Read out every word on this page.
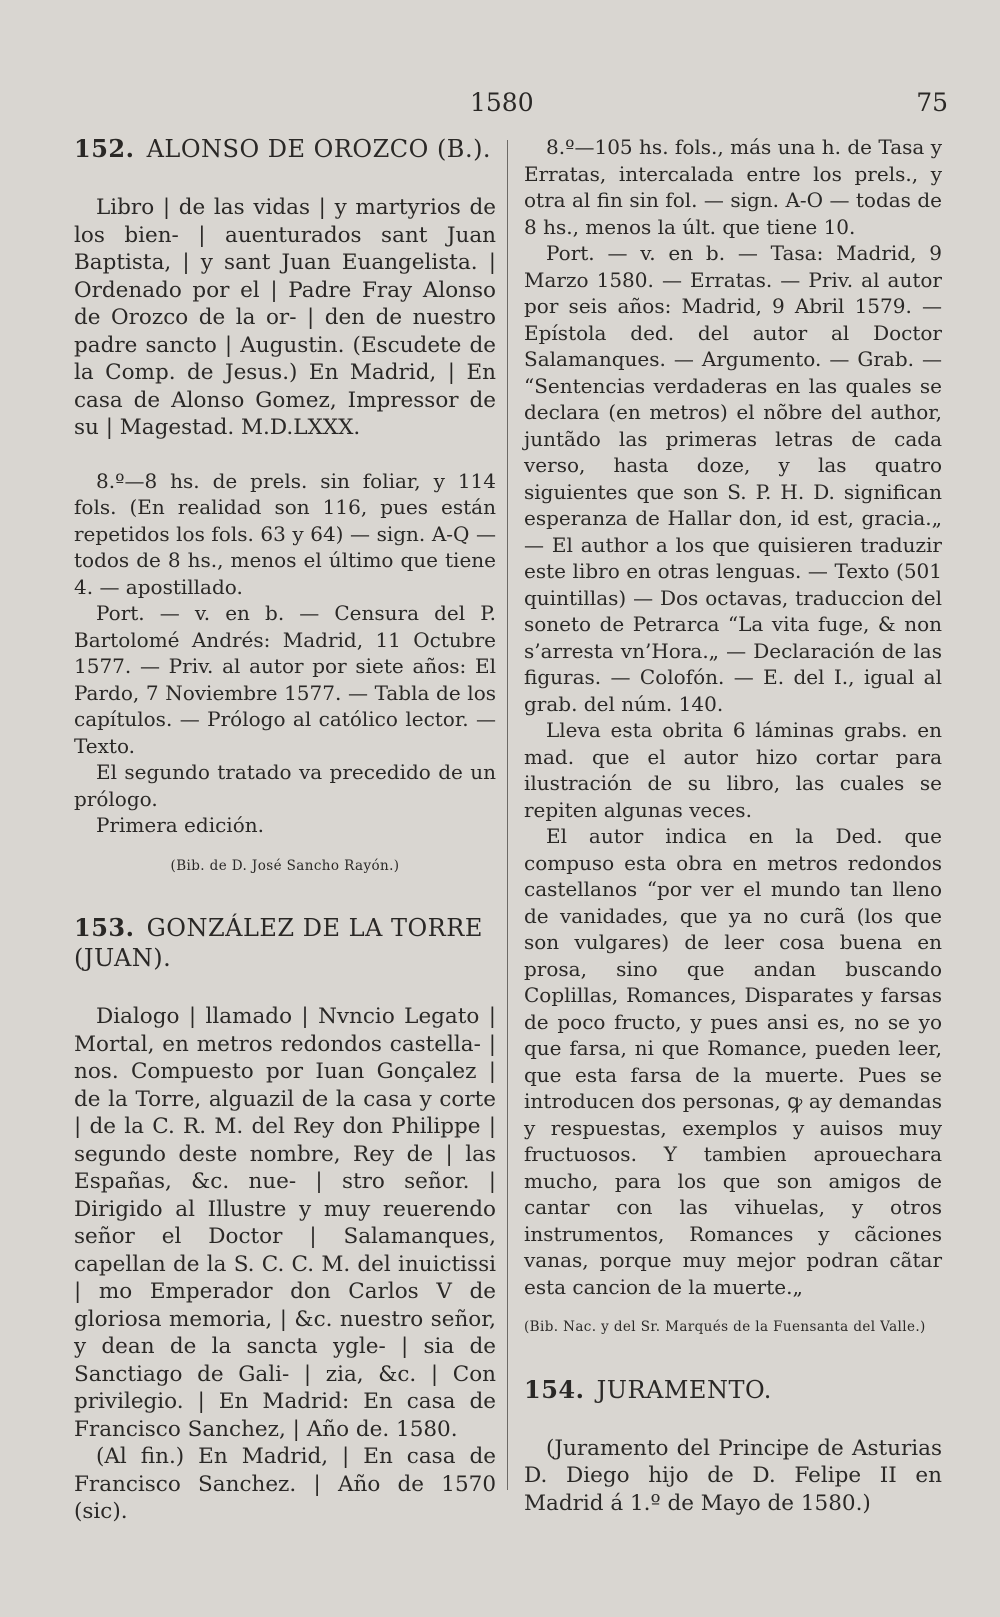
1580	75
152. ALONSO DE OROZCO (B.).

Libro | de las vidas | y martyrios de los bien- | auenturados sant Juan Baptista, | y sant Juan Euangelista. | Ordenado por el | Padre Fray Alonso de Orozco de la or- | den de nuestro padre sancto | Augustin. (Escudete de la Comp. de Jesus.) En Madrid, | En casa de Alonso Gomez, Impressor de su | Magestad. M.D.LXXX.

8.º—8 hs. de prels. sin foliar, y 114 fols. (En realidad son 116, pues están repetidos los fols. 63 y 64) — sign. A-Q — todos de 8 hs., menos el último que tiene 4. — apostillado.

Port. — v. en b. — Censura del P. Bartolomé Andrés: Madrid, 11 Octubre 1577. — Priv. al autor por siete años: El Pardo, 7 Noviembre 1577. — Tabla de los capítulos. — Prólogo al católico lector. — Texto.

El segundo tratado va precedido de un prólogo.

Primera edición.

(Bib. de D. José Sancho Rayón.)

153. GONZÁLEZ DE LA TORRE (JUAN).

Dialogo | llamado | Nvncio Legato | Mortal, en metros redondos castella- | nos. Compuesto por Iuan Gonçalez | de la Torre, alguazil de la casa y corte | de la C. R. M. del Rey don Philippe | segundo deste nombre, Rey de | las Españas, &c. nue- | stro señor. | Dirigido al Illustre y muy reuerendo señor el Doctor | Salamanques, capellan de la S. C. C. M. del inuictissi | mo Emperador don Carlos V de gloriosa memoria, | &c. nuestro señor, y dean de la sancta ygle- | sia de Sanctiago de Gali- | zia, &c. | Con privilegio. | En Madrid: En casa de Francisco Sanchez, | Año de. 1580.

(Al fin.) En Madrid, | En casa de Francisco Sanchez. | Año de 1570 (sic).

8.º—105 hs. fols., más una h. de Tasa y Erratas, intercalada entre los prels., y otra al fin sin fol. — sign. A-O — todas de 8 hs., menos la últ. que tiene 10.

Port. — v. en b. — Tasa: Madrid, 9 Marzo 1580. — Erratas. — Priv. al autor por seis años: Madrid, 9 Abril 1579. — Epístola ded. del autor al Doctor Salamanques. — Argumento. — Grab. — “Sentencias verdaderas en las quales se declara (en metros) el nõbre del author, juntãdo las primeras letras de cada verso, hasta doze, y las quatro siguientes que son S. P. H. D. significan esperanza de Hallar don, id est, gracia.„ — El author a los que quisieren traduzir este libro en otras lenguas. — Texto (501 quintillas) — Dos octavas, traduccion del soneto de Petrarca “La vita fuge, & non s’arresta vn’Hora.„ — Declaración de las figuras. — Colofón. — E. del I., igual al grab. del núm. 140.

Lleva esta obrita 6 láminas grabs. en mad. que el autor hizo cortar para ilustración de su libro, las cuales se repiten algunas veces.

El autor indica en la Ded. que compuso esta obra en metros redondos castellanos “por ver el mundo tan lleno de vanidades, que ya no curã (los que son vulgares) de leer cosa buena en prosa, sino que andan buscando Coplillas, Romances, Disparates y farsas de poco fructo, y pues ansi es, no se yo que farsa, ni que Romance, pueden leer, que esta farsa de la muerte. Pues se introducen dos personas, ꝙ ay demandas y respuestas, exemplos y auisos muy fructuosos. Y tambien aprouechara mucho, para los que son amigos de cantar con las vihuelas, y otros instrumentos, Romances y cãciones vanas, porque muy mejor podran cãtar esta cancion de la muerte.„

(Bib. Nac. y del Sr. Marqués de la Fuensanta del Valle.)

154. JURAMENTO.

(Juramento del Principe de Asturias D. Diego hijo de D. Felipe II en Madrid á 1.º de Mayo de 1580.)
